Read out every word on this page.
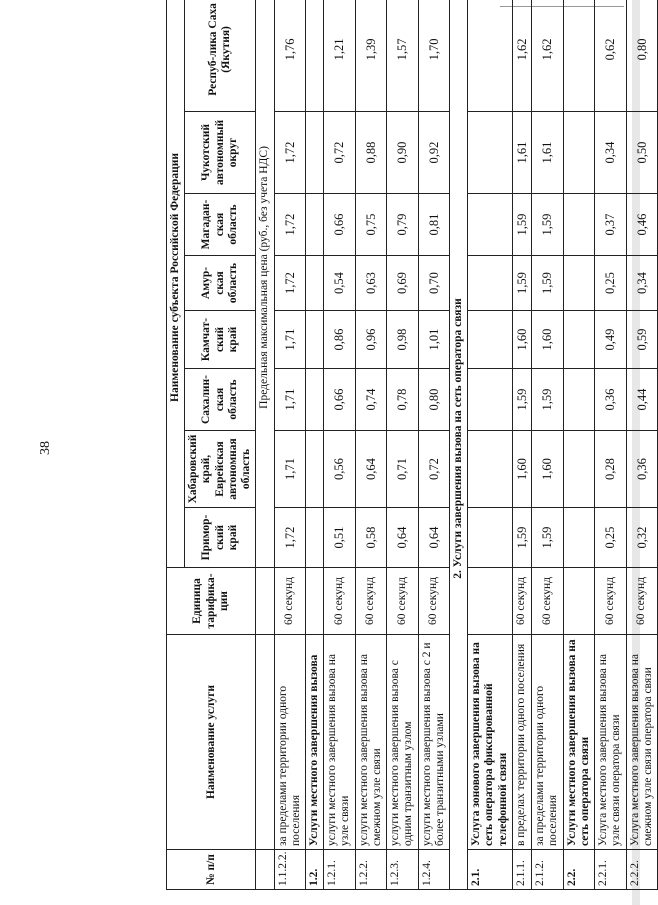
38
№ п/п	Наименование услуги	Единица тарифика-ции	Наименование субъекта Российской Федерации							
			Примор-ский край	Хабаровский край, Еврейская автономная область	Сахалин-ская область	Камчат-ский край	Амур-ская область	Магадан-ская область	Чукотский автономный округ	Респуб-лика Саха (Якутия)
			Предельная максимальная цена (руб., без учета НДС)							
1.1.2.2.	за пределами территории одного поселения	60 секунд	1,72	1,71	1,71	1,71	1,72	1,72	1,72	1,76
1.2.	Услуги местного завершения вызова									
1.2.1.	услуги местного завершения вызова на узле связи	60 секунд	0,51	0,56	0,66	0,86	0,54	0,66	0,72	1,21
1.2.2.	услуги местного завершения вызова на смежном узле связи	60 секунд	0,58	0,64	0,74	0,96	0,63	0,75	0,88	1,39
1.2.3.	услуги местного завершения вызова с одним транзитным узлом	60 секунд	0,64	0,71	0,78	0,98	0,69	0,79	0,90	1,57
1.2.4.	услуги местного завершения вызова с 2 и более транзитными узлами	60 секунд	0,64	0,72	0,80	1,01	0,70	0,81	0,92	1,70
2. Услуги завершения вызова на сеть оператора связи										
2.1.	Услуга зонового завершения вызова на сеть оператора фиксированной телефонной связи									
2.1.1.	в пределах территории одного поселения	60 секунд	1,59	1,60	1,59	1,60	1,59	1,59	1,61	1,62
2.1.2.	за пределами территории одного поселения	60 секунд	1,59	1,60	1,59	1,60	1,59	1,59	1,61	1,62
2.2.	Услуги местного завершения вызова на сеть оператора связи									
2.2.1.	Услуга местного завершения вызова на узле связи оператора связи	60 секунд	0,25	0,28	0,36	0,49	0,25	0,37	0,34	0,62
2.2.2.	Услуга местного завершения вызова на смежном узле связи оператора связи	60 секунд	0,32	0,36	0,44	0,59	0,34	0,46	0,50	0,80
